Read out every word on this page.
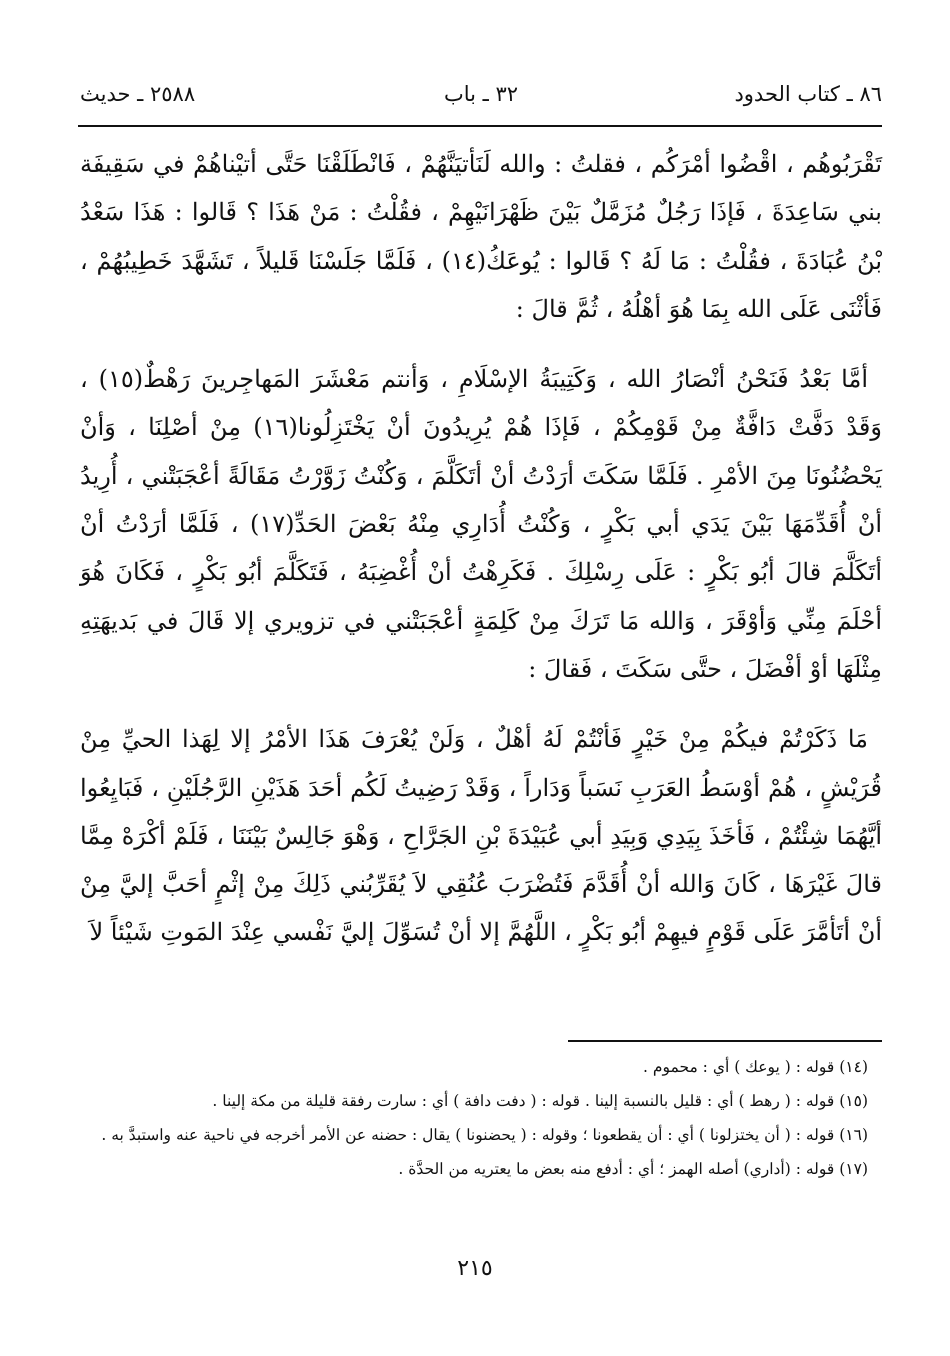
٨٦ ـ كتاب الحدود
٣٢ ـ باب
٢٥٨٨ ـ حديث

تَقْرَبُوهُم ، اقْضُوا أمْرَكُم ، فقلتُ : والله لَنَأتيَنَّهُمْ ، فَانْطَلَقْنَا حَتَّى أتيْناهُمْ في سَقِيفَة بني سَاعِدَةَ ، فَإذَا رَجُلٌ مُزَمَّلٌ بَيْنَ ظَهْرَانَيْهِمْ ، فقُلْتُ : مَنْ هَذَا ؟ قَالوا : هَذَا سَعْدُ بْنُ عُبَادَةَ ، فقُلْتُ : مَا لَهُ ؟ قَالوا : يُوعَكُ(١٤) ، فَلَمَّا جَلَسْنَا قَليلاً ، تَشَهَّدَ خَطِيبُهُمْ ، فَأثْنَى عَلَى الله بِمَا هُوَ أهْلُهُ ، ثُمَّ قالَ :

أمَّا بَعْدُ فَنَحْنُ أنْصَارُ الله ، وَكَتِيبَةُ الإسْلَامِ ، وَأنتم مَعْشَرَ المَهاجِرينَ رَهْطٌ(١٥) ، وَقَدْ دَفَّتْ دَافَّةٌ مِنْ قَوْمِكُمْ ، فَإذَا هُمْ يُرِيدُونَ أنْ يَخْتَزِلُونا(١٦) مِنْ أصْلِنَا ، وَأنْ يَحْضُنُونَا مِنَ الأمْرِ . فَلَمَّا سَكَتَ أرَدْتُ أنْ أتَكَلَّمَ ، وَكُنْتُ زَوَّرْتُ مَقَالَةً أعْجَبَتْني ، أُرِيدُ أنْ أُقَدِّمَهَا بَيْنَ يَدَي أبي بَكْرٍ ، وَكُنْتُ أُدَارِي مِنْهُ بَعْضَ الحَدِّ(١٧) ، فَلَمَّا أرَدْتُ أنْ أتَكَلَّمَ قالَ أبُو بَكْرٍ : عَلَى رِسْلِكَ . فَكَرِهْتُ أنْ أُغْضِبَهُ ، فَتَكَلَّمَ أبُو بَكْرٍ ، فَكَانَ هُوَ أحْلَمَ مِنِّي وَأوْقَرَ ، وَالله مَا تَرَكَ مِنْ كَلِمَةٍ أعْجَبَتْني في تزويري إلا قَالَ في بَديهَتِهِ مِثْلَهَا أوْ أفْضَلَ ، حتَّى سَكَتَ ، فَقالَ :

مَا ذَكَرْتُمْ فيكُمْ مِنْ خَيْرٍ فَأنْتُمْ لَهُ أهْلٌ ، وَلَنْ يُعْرَفَ هَذَا الأمْرُ إلا لِهَذا الحيِّ مِنْ قُرَيْشٍ ، هُمْ أوْسَطُ العَرَبِ نَسَباً وَدَاراً ، وَقَدْ رَضِيتُ لَكُم أحَدَ هَذَيْنِ الرَّجُلَيْنِ ، فَبَايِعُوا أيَّهُمَا شِئْتُمْ ، فَأخَذَ بِيَدِي وَبِيَدِ أبي عُبَيْدَةَ بْنِ الجَرَّاحِ ، وَهْوَ جَالِسٌ بَيْنَنَا ، فَلَمْ أكْرَهْ مِمَّا قالَ غَيْرَهَا ، كَانَ وَالله أنْ أُقَدَّمَ فَتُضْرَبَ عُنُقِي لاَ يُقَرِّبُني ذَلِكَ مِنْ إثْمٍ أحَبَّ إليَّ مِنْ أنْ أتَأمَّرَ عَلَى قَوْمٍ فيهِمْ أبُو بَكْرٍ ، اللَّهُمَّ إلا أنْ تُسَوِّلَ إليَّ نَفْسي عِنْدَ المَوتِ شَيْئاً لاَ

(١٤) قوله : ( يوعك ) أي : محموم .

(١٥) قوله : ( رهط ) أي : قليل بالنسبة إلينا . قوله : ( دفت دافة ) أي : سارت رفقة قليلة من مكة إلينا .

(١٦) قوله : ( أن يختزلونا ) أي : أن يقطعونا ؛ وقوله : ( يحضنونا ) يقال : حضنه عن الأمر أخرجه في ناحية عنه واستبدَّ به .

(١٧) قوله : (أداري) أصله الهمز ؛ أي : أدفع منه بعض ما يعتريه من الحدَّة .

٢١٥
